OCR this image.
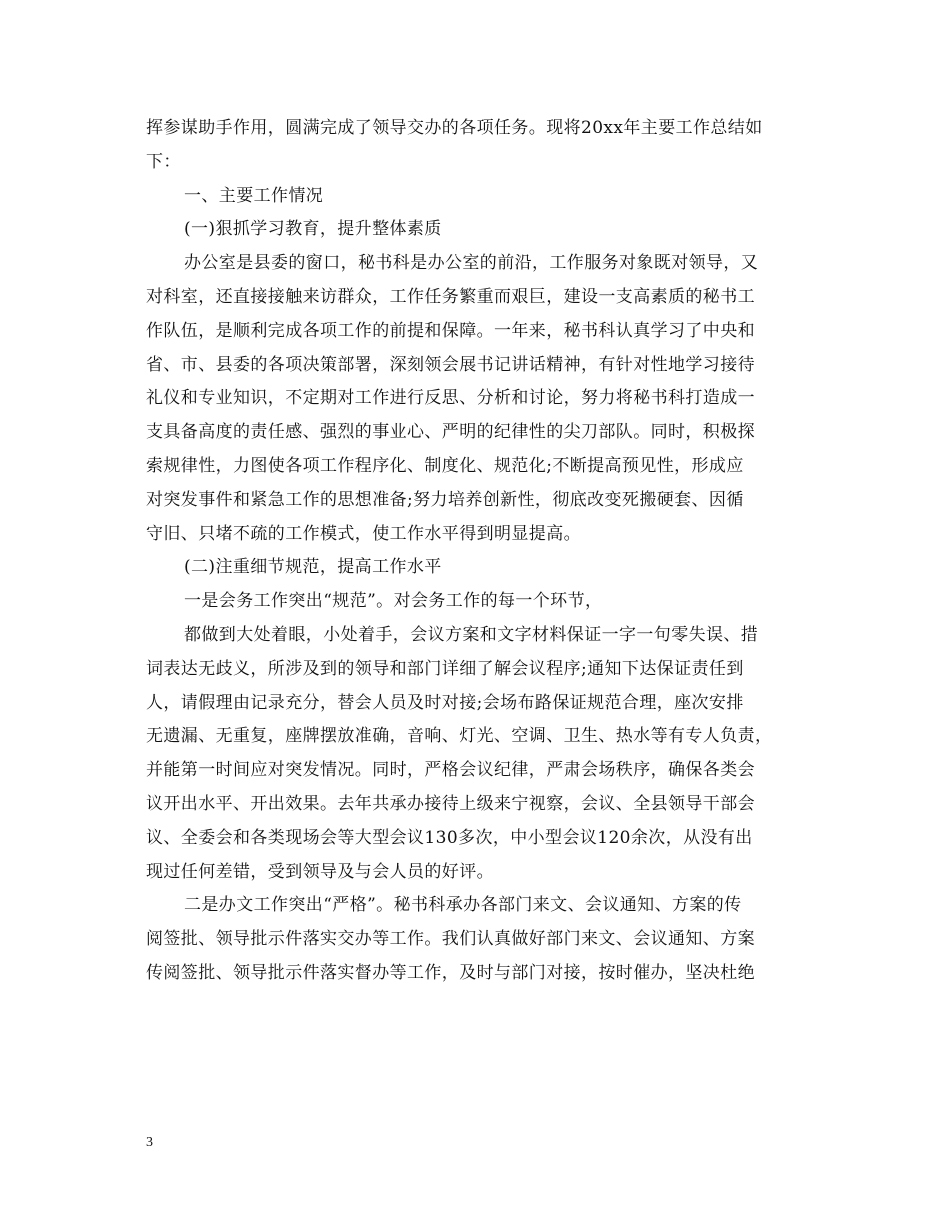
挥参谋助手作用，圆满完成了领导交办的各项任务。现将20xx年主要工作总结如
下：
一、主要工作情况
(一)狠抓学习教育，提升整体素质
办公室是县委的窗口，秘书科是办公室的前沿，工作服务对象既对领导，又
对科室，还直接接触来访群众，工作任务繁重而艰巨，建设一支高素质的秘书工
作队伍，是顺利完成各项工作的前提和保障。一年来，秘书科认真学习了中央和
省、市、县委的各项决策部署，深刻领会展书记讲话精神，有针对性地学习接待
礼仪和专业知识，不定期对工作进行反思、分析和讨论，努力将秘书科打造成一
支具备高度的责任感、强烈的事业心、严明的纪律性的尖刀部队。同时，积极探
索规律性，力图使各项工作程序化、制度化、规范化;不断提高预见性，形成应
对突发事件和紧急工作的思想准备;努力培养创新性，彻底改变死搬硬套、因循
守旧、只堵不疏的工作模式，使工作水平得到明显提高。
(二)注重细节规范，提高工作水平
一是会务工作突出“规范”。对会务工作的每一个环节，
都做到大处着眼，小处着手，会议方案和文字材料保证一字一句零失误、措
词表达无歧义，所涉及到的领导和部门详细了解会议程序;通知下达保证责任到
人，请假理由记录充分，替会人员及时对接;会场布路保证规范合理，座次安排
无遗漏、无重复，座牌摆放准确，音响、灯光、空调、卫生、热水等有专人负责，
并能第一时间应对突发情况。同时，严格会议纪律，严肃会场秩序，确保各类会
议开出水平、开出效果。去年共承办接待上级来宁视察，会议、全县领导干部会
议、全委会和各类现场会等大型会议130多次，中小型会议120余次，从没有出
现过任何差错，受到领导及与会人员的好评。
二是办文工作突出“严格”。秘书科承办各部门来文、会议通知、方案的传
阅签批、领导批示件落实交办等工作。我们认真做好部门来文、会议通知、方案
传阅签批、领导批示件落实督办等工作，及时与部门对接，按时催办，坚决杜绝
3
